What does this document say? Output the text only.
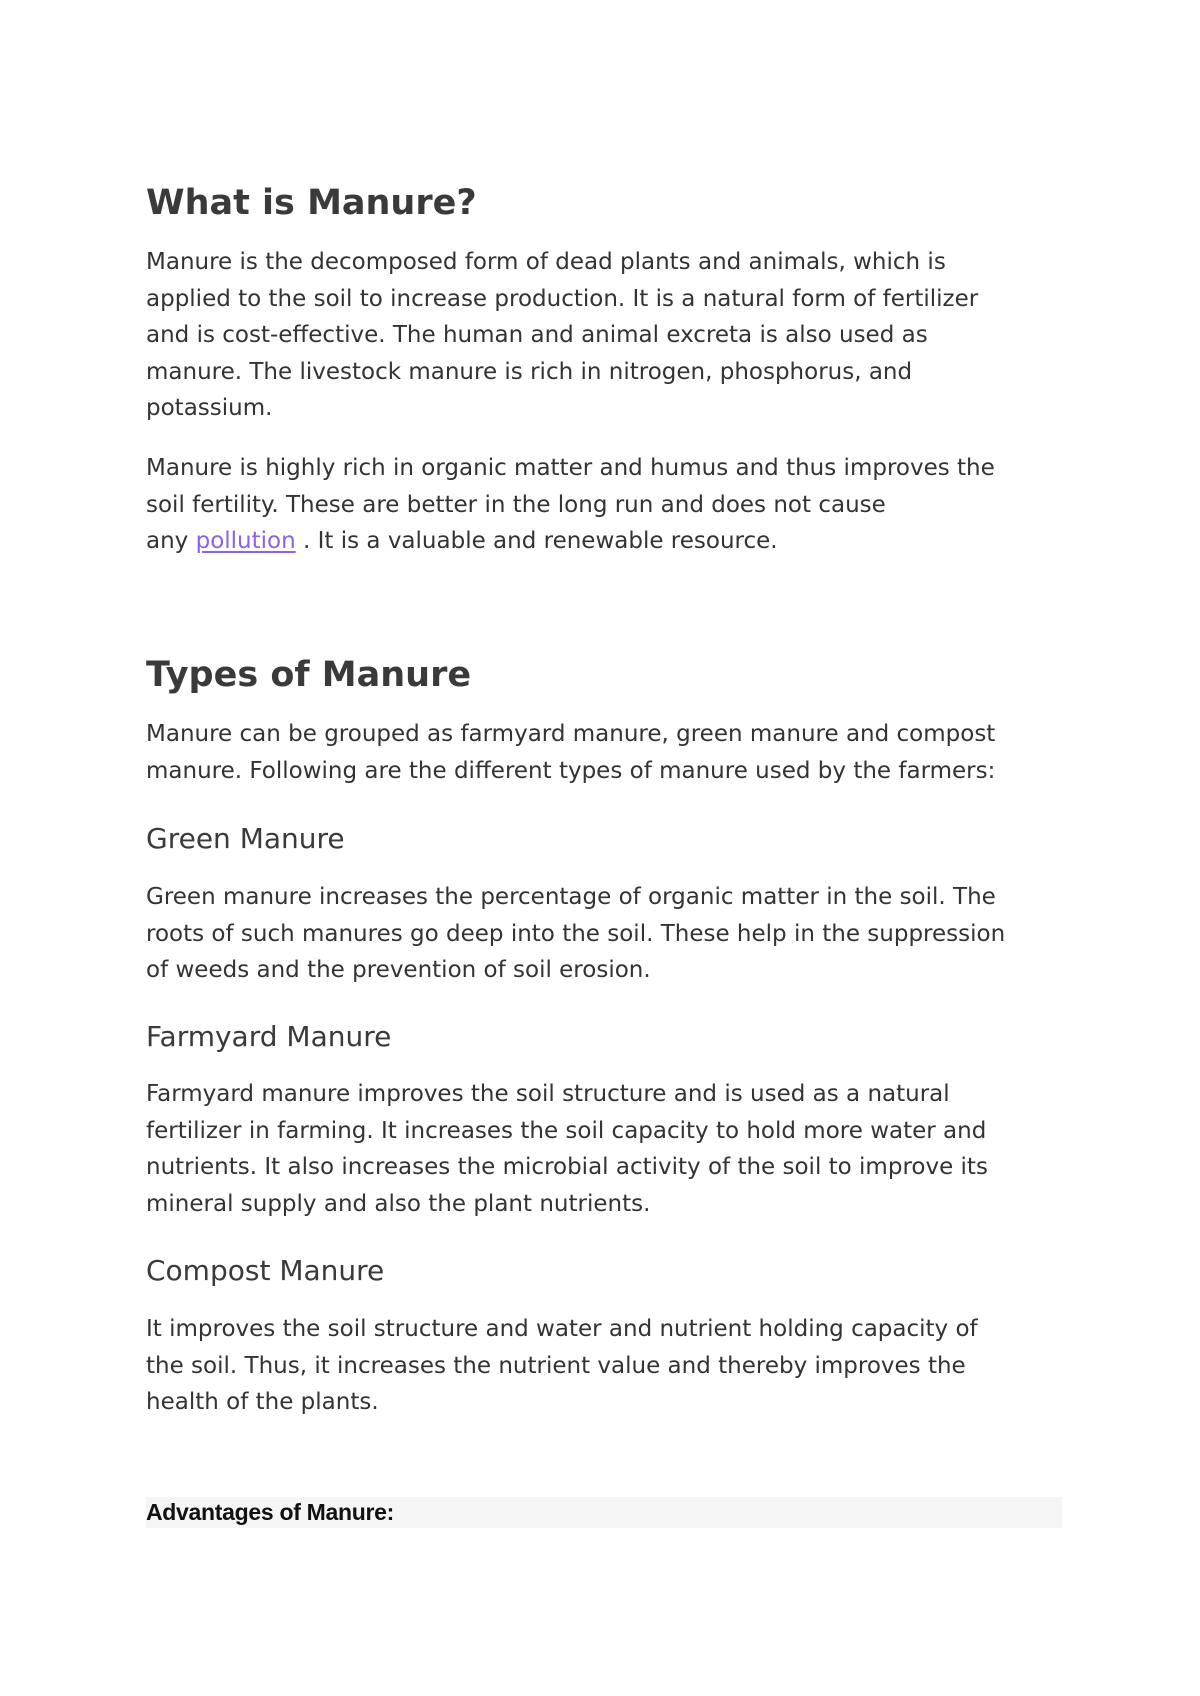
What is Manure?

Manure is the decomposed form of dead plants and animals, which is
applied to the soil to increase production. It is a natural form of fertilizer
and is cost-effective. The human and animal excreta is also used as
manure. The livestock manure is rich in nitrogen, phosphorus, and
potassium.

Manure is highly rich in organic matter and humus and thus improves the
soil fertility. These are better in the long run and does not cause
any pollution . It is a valuable and renewable resource.

Types of Manure

Manure can be grouped as farmyard manure, green manure and compost
manure. Following are the different types of manure used by the farmers:

Green Manure

Green manure increases the percentage of organic matter in the soil. The
roots of such manures go deep into the soil. These help in the suppression
of weeds and the prevention of soil erosion.

Farmyard Manure

Farmyard manure improves the soil structure and is used as a natural
fertilizer in farming. It increases the soil capacity to hold more water and
nutrients. It also increases the microbial activity of the soil to improve its
mineral supply and also the plant nutrients.

Compost Manure

It improves the soil structure and water and nutrient holding capacity of
the soil. Thus, it increases the nutrient value and thereby improves the
health of the plants.

Advantages of Manure:
